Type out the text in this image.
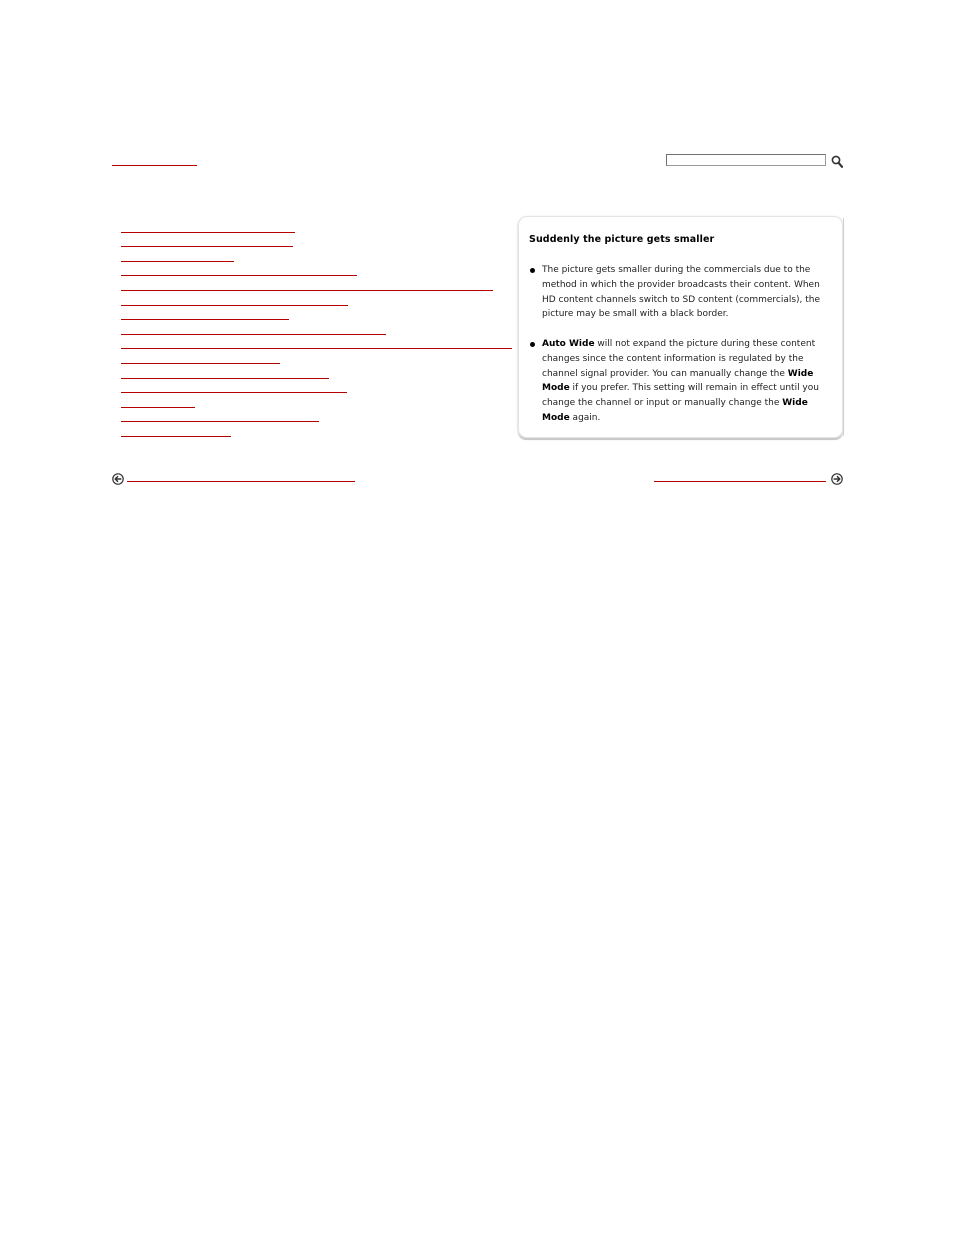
Suddenly the picture gets smaller
The picture gets smaller during the commercials due to the
method in which the provider broadcasts their content. When
HD content channels switch to SD content (commercials), the
picture may be small with a black border.
Auto Wide will not expand the picture during these content
changes since the content information is regulated by the
channel signal provider. You can manually change the Wide
Mode if you prefer. This setting will remain in effect until you
change the channel or input or manually change the Wide
Mode again.
